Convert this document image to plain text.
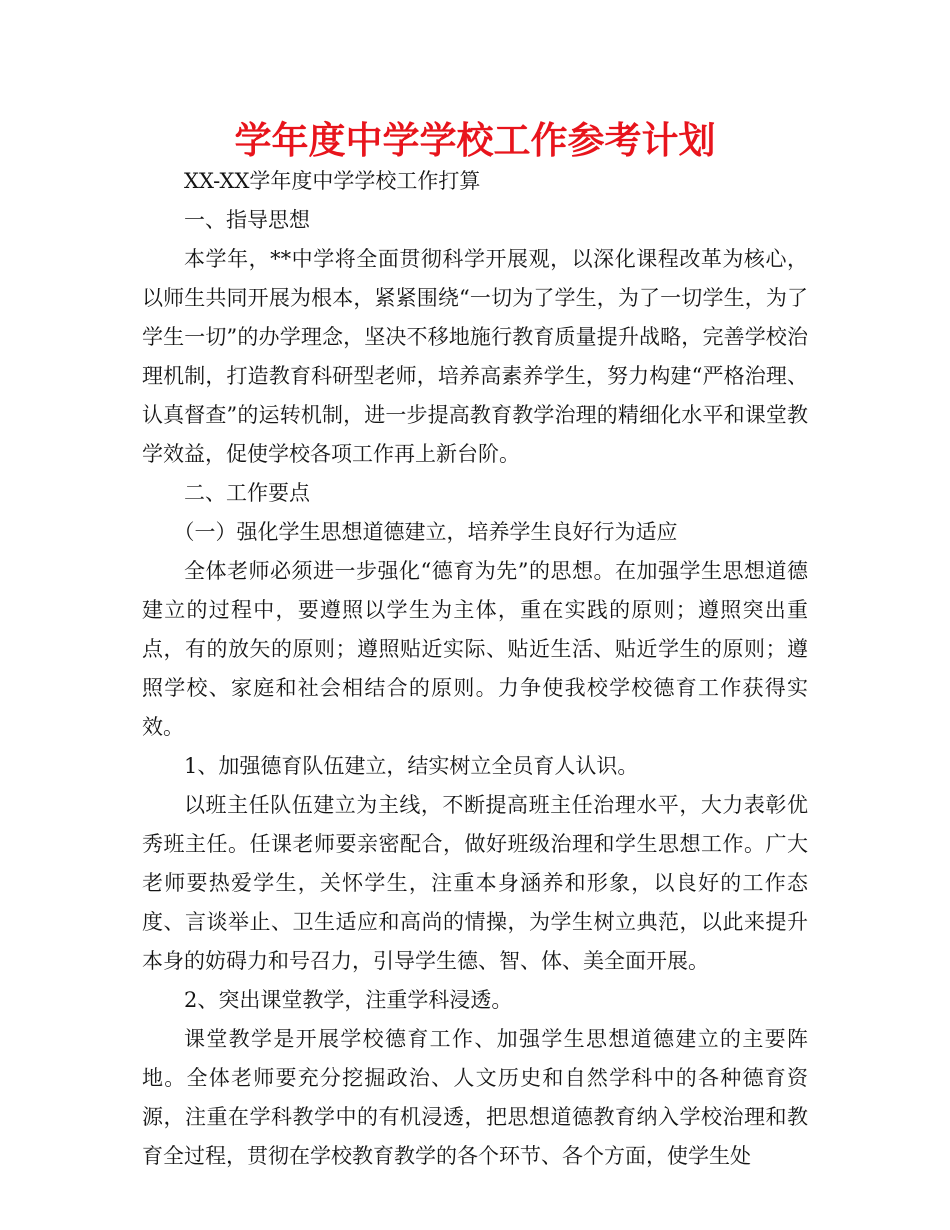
学年度中学学校工作参考计划

XX-XX学年度中学学校工作打算

一、指导思想

本学年，**中学将全面贯彻科学开展观，以深化课程改革为核心，以师生共同开展为根本，紧紧围绕“一切为了学生，为了一切学生，为了学生一切”的办学理念，坚决不移地施行教育质量提升战略，完善学校治理机制，打造教育科研型老师，培养高素养学生，努力构建“严格治理、认真督查”的运转机制，进一步提高教育教学治理的精细化水平和课堂教学效益，促使学校各项工作再上新台阶。

二、工作要点

（一）强化学生思想道德建立，培养学生良好行为适应

全体老师必须进一步强化“德育为先”的思想。在加强学生思想道德建立的过程中，要遵照以学生为主体，重在实践的原则；遵照突出重点，有的放矢的原则；遵照贴近实际、贴近生活、贴近学生的原则；遵照学校、家庭和社会相结合的原则。力争使我校学校德育工作获得实效。

1、加强德育队伍建立，结实树立全员育人认识。

以班主任队伍建立为主线，不断提高班主任治理水平，大力表彰优秀班主任。任课老师要亲密配合，做好班级治理和学生思想工作。广大老师要热爱学生，关怀学生，注重本身涵养和形象，以良好的工作态度、言谈举止、卫生适应和高尚的情操，为学生树立典范，以此来提升本身的妨碍力和号召力，引导学生德、智、体、美全面开展。

2、突出课堂教学，注重学科浸透。

课堂教学是开展学校德育工作、加强学生思想道德建立的主要阵地。全体老师要充分挖掘政治、人文历史和自然学科中的各种德育资源，注重在学科教学中的有机浸透，把思想道德教育纳入学校治理和教育全过程，贯彻在学校教育教学的各个环节、各个方面，使学生处
